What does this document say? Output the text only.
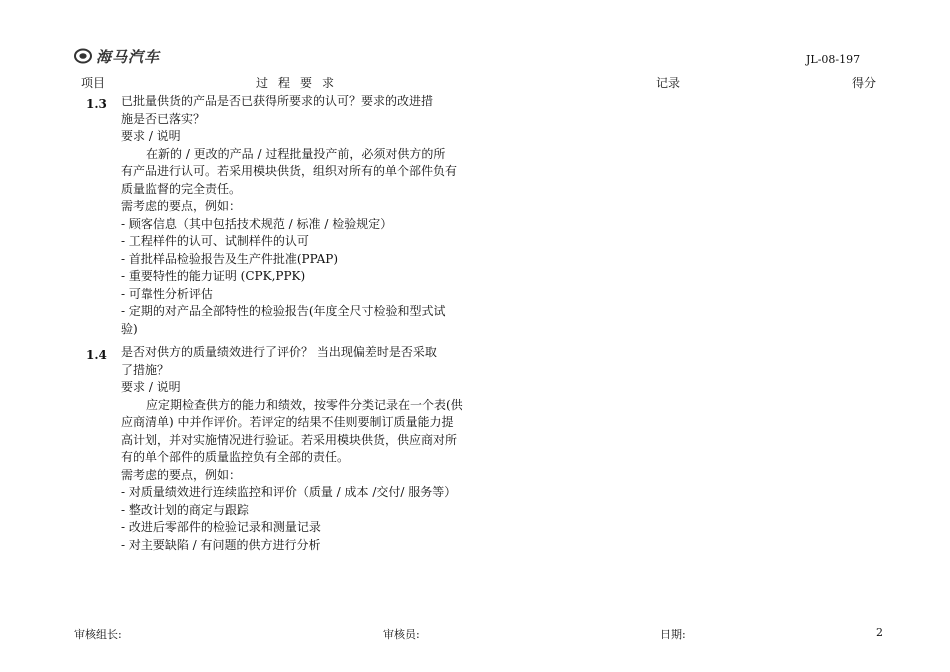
海马汽车	JL-08-197
项目	过程要求	记录	得分
1.3 已批量供货的产品是否已获得所要求的认可？要求的改进措
施是否已落实？
要求 / 说明
在新的 / 更改的产品 / 过程批量投产前，必须对供方的所
有产品进行认可。若采用模块供货，组织对所有的单个部件负有
质量监督的完全责任。
需考虑的要点，例如：
- 顾客信息（其中包括技术规范 / 标准 / 检验规定）
- 工程样件的认可、试制样件的认可
- 首批样品检验报告及生产件批准(PPAP)
- 重要特性的能力证明 (CPK,PPK)
- 可靠性分析评估
- 定期的对产品全部特性的检验报告(年度全尺寸检验和型式试
验)
1.4 是否对供方的质量绩效进行了评价？ 当出现偏差时是否采取
了措施？
要求 / 说明
应定期检查供方的能力和绩效，按零件分类记录在一个表(供
应商清单) 中并作评价。若评定的结果不佳则要制订质量能力提
高计划，并对实施情况进行验证。若采用模块供货，供应商对所
有的单个部件的质量监控负有全部的责任。
需考虑的要点，例如：
- 对质量绩效进行连续监控和评价（质量 / 成本 /交付/ 服务等）
- 整改计划的商定与跟踪
- 改进后零部件的检验记录和测量记录
- 对主要缺陷 / 有问题的供方进行分析
审核组长:	审核员:	日期:	2
